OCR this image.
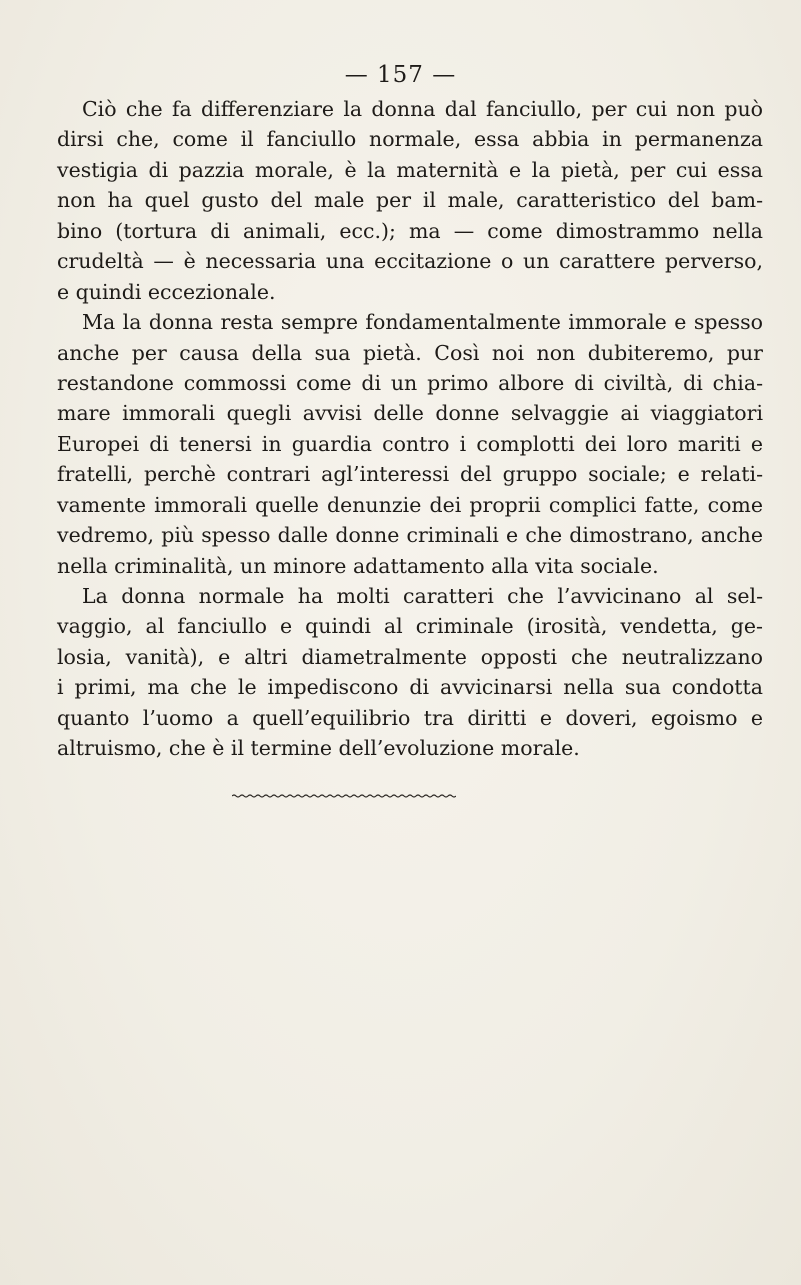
— 157 —
Ciò che fa differenziare la donna dal fanciullo, per cui non può
dirsi che, come il fanciullo normale, essa abbia in permanenza
vestigia di pazzia morale, è la maternità e la pietà, per cui essa
non ha quel gusto del male per il male, caratteristico del bam-
bino (tortura di animali, ecc.); ma — come dimostrammo nella
crudeltà — è necessaria una eccitazione o un carattere perverso,
e quindi eccezionale.
Ma la donna resta sempre fondamentalmente immorale e spesso
anche per causa della sua pietà. Così noi non dubiteremo, pur
restandone commossi come di un primo albore di civiltà, di chia-
mare immorali quegli avvisi delle donne selvaggie ai viaggiatori
Europei di tenersi in guardia contro i complotti dei loro mariti e
fratelli, perchè contrari agl’interessi del gruppo sociale; e relati-
vamente immorali quelle denunzie dei proprii complici fatte, come
vedremo, più spesso dalle donne criminali e che dimostrano, anche
nella criminalità, un minore adattamento alla vita sociale.
La donna normale ha molti caratteri che l’avvicinano al sel-
vaggio, al fanciullo e quindi al criminale (irosità, vendetta, ge-
losia, vanità), e altri diametralmente opposti che neutralizzano
i primi, ma che le impediscono di avvicinarsi nella sua condotta
quanto l’uomo a quell’equilibrio tra diritti e doveri, egoismo e
altruismo, che è il termine dell’evoluzione morale.
